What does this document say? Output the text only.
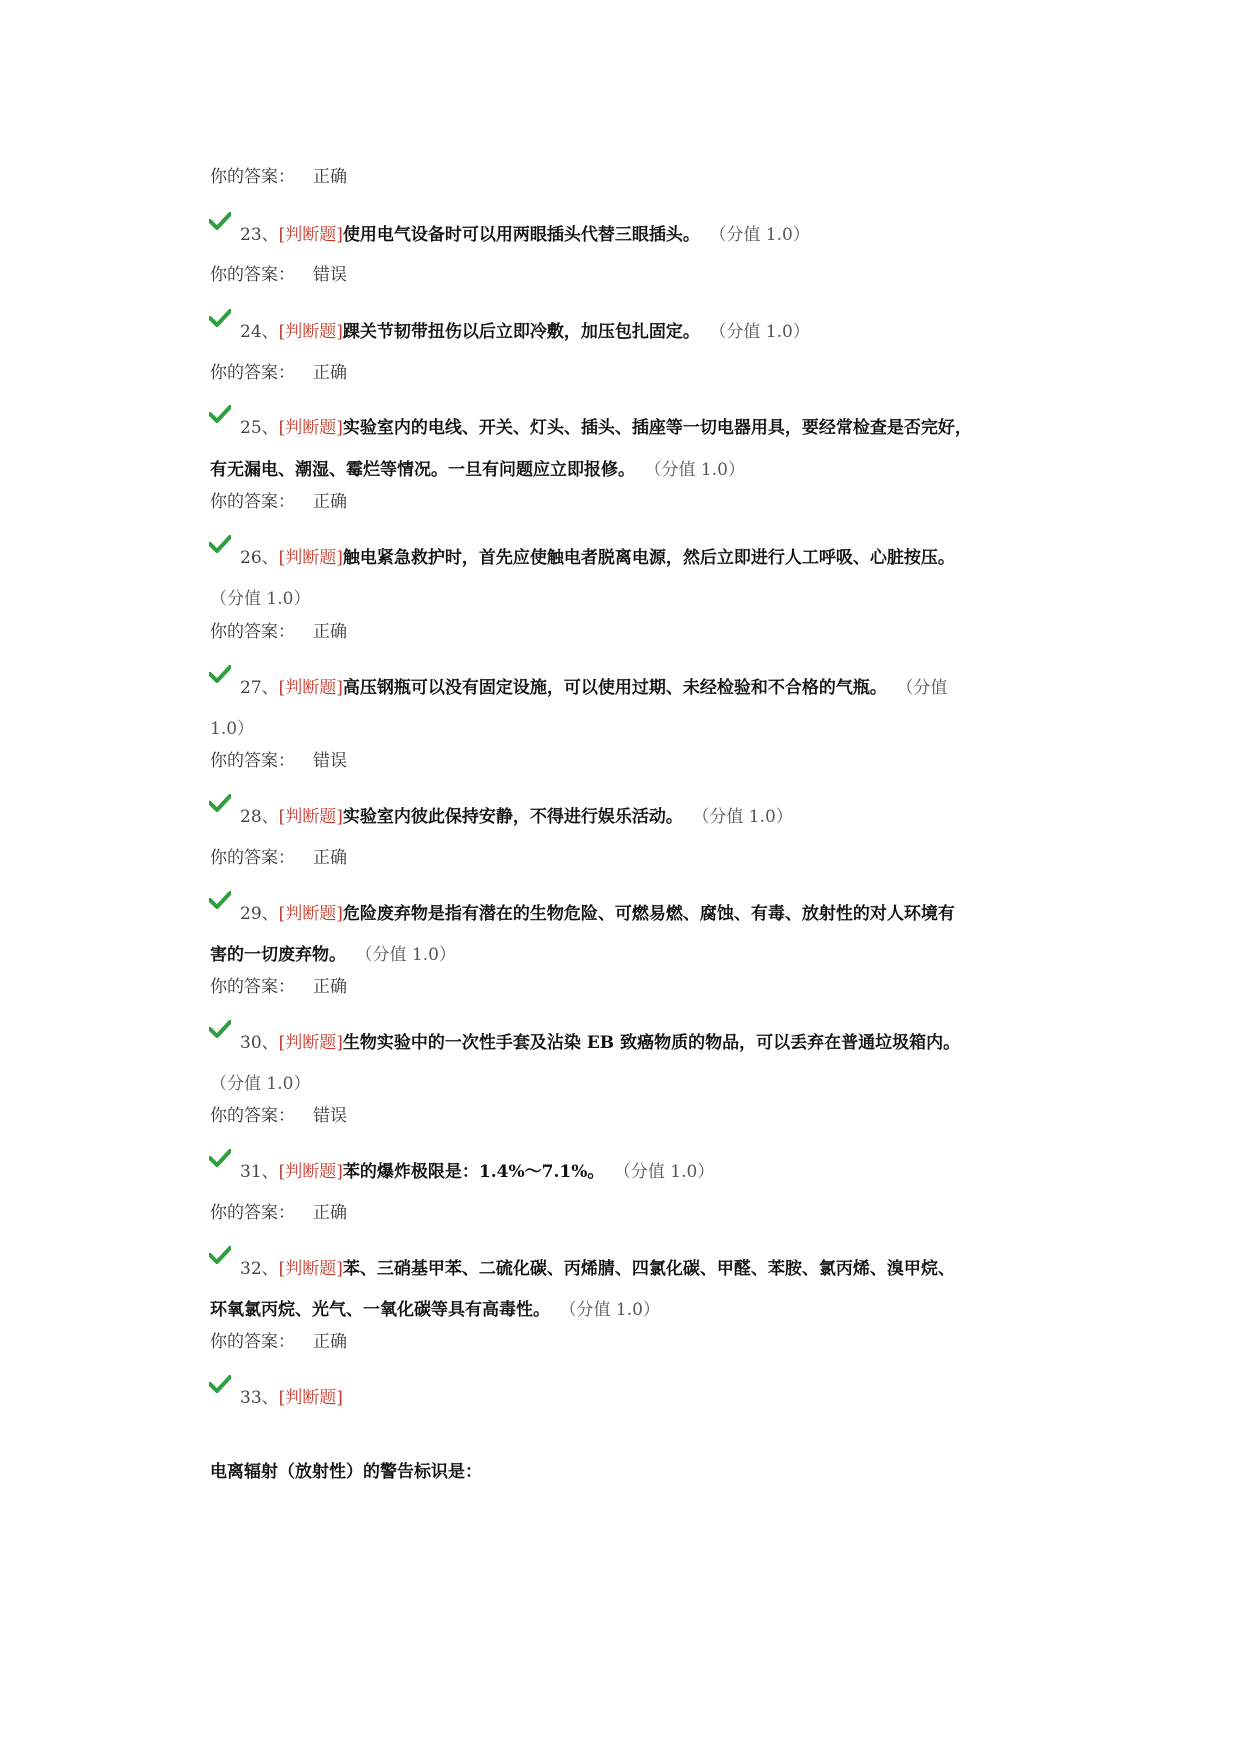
你的答案： 正确
23、[判断题]使用电气设备时可以用两眼插头代替三眼插头。 （分值 1.0）
你的答案： 错误
24、[判断题]踝关节韧带扭伤以后立即冷敷，加压包扎固定。 （分值 1.0）
你的答案： 正确
25、[判断题]实验室内的电线、开关、灯头、插头、插座等一切电器用具，要经常检查是否完好，
有无漏电、潮湿、霉烂等情况。一旦有问题应立即报修。 （分值 1.0）
你的答案： 正确
26、[判断题]触电紧急救护时，首先应使触电者脱离电源，然后立即进行人工呼吸、心脏按压。
（分值 1.0）
你的答案： 正确
27、[判断题]高压钢瓶可以没有固定设施，可以使用过期、未经检验和不合格的气瓶。 （分值
1.0）
你的答案： 错误
28、[判断题]实验室内彼此保持安静，不得进行娱乐活动。 （分值 1.0）
你的答案： 正确
29、[判断题]危险废弃物是指有潜在的生物危险、可燃易燃、腐蚀、有毒、放射性的对人环境有
害的一切废弃物。 （分值 1.0）
你的答案： 正确
30、[判断题]生物实验中的一次性手套及沾染 EB 致癌物质的物品，可以丢弃在普通垃圾箱内。
（分值 1.0）
你的答案： 错误
31、[判断题]苯的爆炸极限是：1.4%～7.1%。 （分值 1.0）
你的答案： 正确
32、[判断题]苯、三硝基甲苯、二硫化碳、丙烯腈、四氯化碳、甲醛、苯胺、氯丙烯、溴甲烷、
环氧氯丙烷、光气、一氧化碳等具有高毒性。 （分值 1.0）
你的答案： 正确
33、[判断题]
电离辐射（放射性）的警告标识是：
